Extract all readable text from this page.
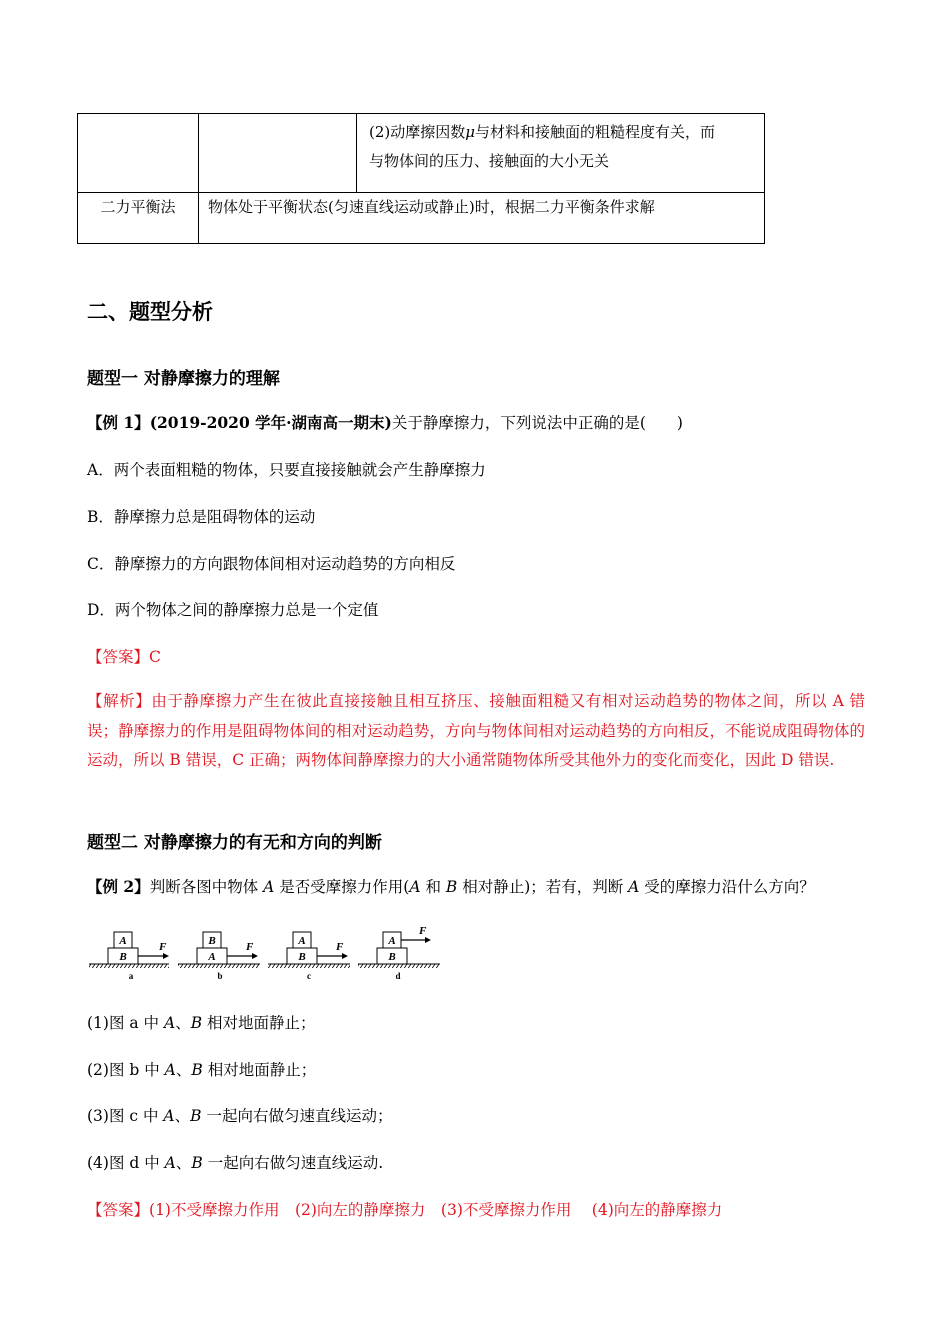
		(2)动摩擦因数μ与材料和接触面的粗糙程度有关，而
与物体间的压力、接触面的大小无关
二力平衡法	物体处于平衡状态(匀速直线运动或静止)时，根据二力平衡条件求解	
二、题型分析
题型一 对静摩擦力的理解
【例 1】(2019-2020 学年·湖南高一期末)关于静摩擦力，下列说法中正确的是(　　)
A．两个表面粗糙的物体，只要直接接触就会产生静摩擦力
B．静摩擦力总是阻碍物体的运动
C．静摩擦力的方向跟物体间相对运动趋势的方向相反
D．两个物体之间的静摩擦力总是一个定值
【答案】C
【解析】由于静摩擦力产生在彼此直接接触且相互挤压、接触面粗糙又有相对运动趋势的物体之间，所以 A 错误；静摩擦力的作用是阻碍物体间的相对运动趋势，方向与物体间相对运动趋势的方向相反，不能说成阻碍物体的运动，所以 B 错误，C 正确；两物体间静摩擦力的大小通常随物体所受其他外力的变化而变化，因此 D 错误.
题型二 对静摩擦力的有无和方向的判断
【例 2】判断各图中物体 A 是否受摩擦力作用(A 和 B 相对静止)；若有，判断 A 受的摩擦力沿什么方向？
A
B
F
a
B
A
F
b
A
B
F
c
A
B
F
d
(1)图 a 中 A、B 相对地面静止；
(2)图 b 中 A、B 相对地面静止；
(3)图 c 中 A、B 一起向右做匀速直线运动；
(4)图 d 中 A、B 一起向右做匀速直线运动.
【答案】(1)不受摩擦力作用　(2)向左的静摩擦力　(3)不受摩擦力作用　 (4)向左的静摩擦力
